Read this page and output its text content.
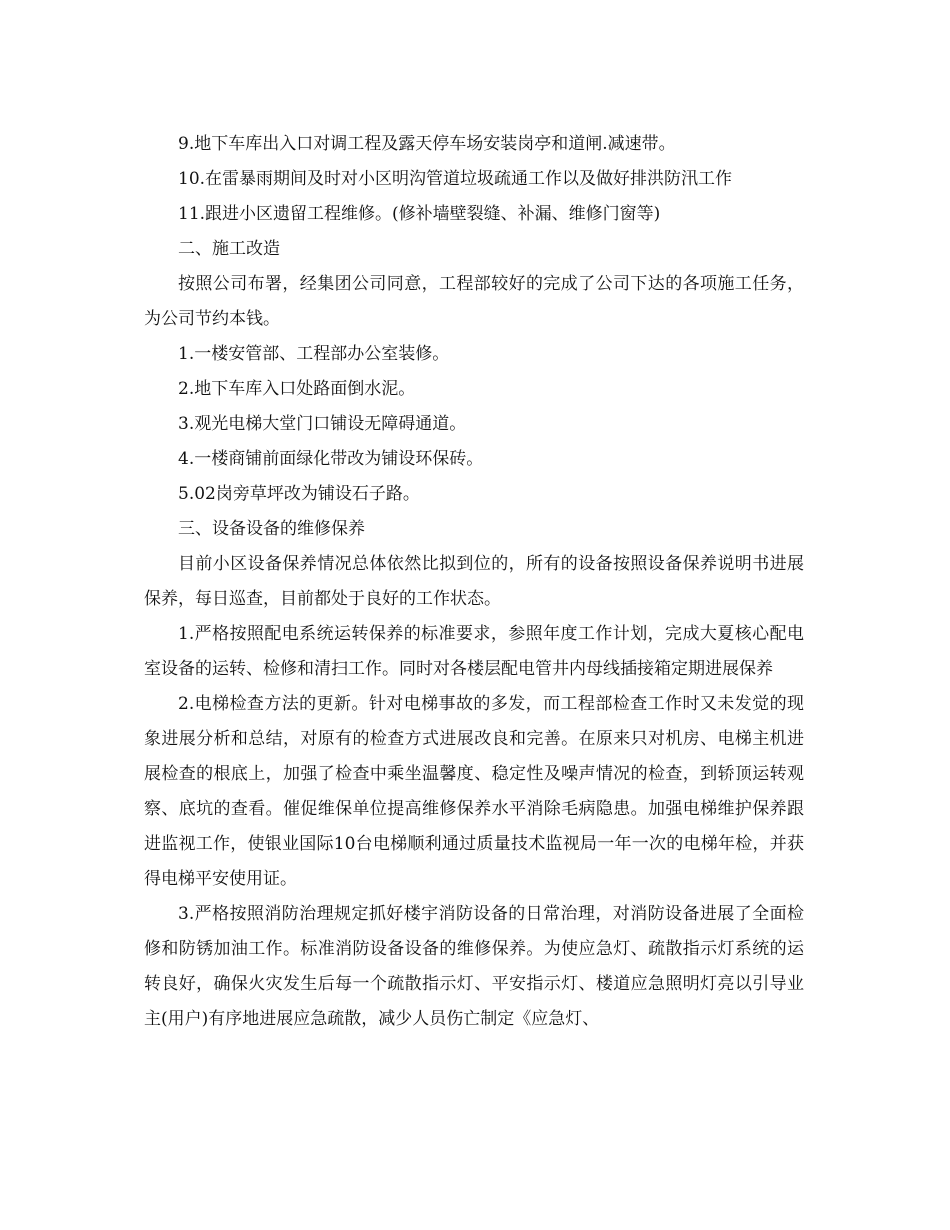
9.地下车库出入口对调工程及露天停车场安装岗亭和道闸.减速带。

10.在雷暴雨期间及时对小区明沟管道垃圾疏通工作以及做好排洪防汛工作

11.跟进小区遗留工程维修。(修补墙壁裂缝、补漏、维修门窗等)

二、施工改造

按照公司布署，经集团公司同意，工程部较好的完成了公司下达的各项施工任务，为公司节约本钱。

1.一楼安管部、工程部办公室装修。

2.地下车库入口处路面倒水泥。

3.观光电梯大堂门口铺设无障碍通道。

4.一楼商铺前面绿化带改为铺设环保砖。

5.02岗旁草坪改为铺设石子路。

三、设备设备的维修保养

目前小区设备保养情况总体依然比拟到位的，所有的设备按照设备保养说明书进展保养，每日巡查，目前都处于良好的工作状态。

1.严格按照配电系统运转保养的标准要求，参照年度工作计划，完成大夏核心配电室设备的运转、检修和清扫工作。同时对各楼层配电管井内母线插接箱定期进展保养

2.电梯检查方法的更新。针对电梯事故的多发，而工程部检查工作时又未发觉的现象进展分析和总结，对原有的检查方式进展改良和完善。在原来只对机房、电梯主机进展检查的根底上，加强了检查中乘坐温馨度、稳定性及噪声情况的检查，到轿顶运转观察、底坑的查看。催促维保单位提高维修保养水平消除毛病隐患。加强电梯维护保养跟进监视工作，使银业国际10台电梯顺利通过质量技术监视局一年一次的电梯年检，并获得电梯平安使用证。

3.严格按照消防治理规定抓好楼宇消防设备的日常治理，对消防设备进展了全面检修和防锈加油工作。标准消防设备设备的维修保养。为使应急灯、疏散指示灯系统的运转良好，确保火灾发生后每一个疏散指示灯、平安指示灯、楼道应急照明灯亮以引导业主(用户)有序地进展应急疏散，减少人员伤亡制定《应急灯、
